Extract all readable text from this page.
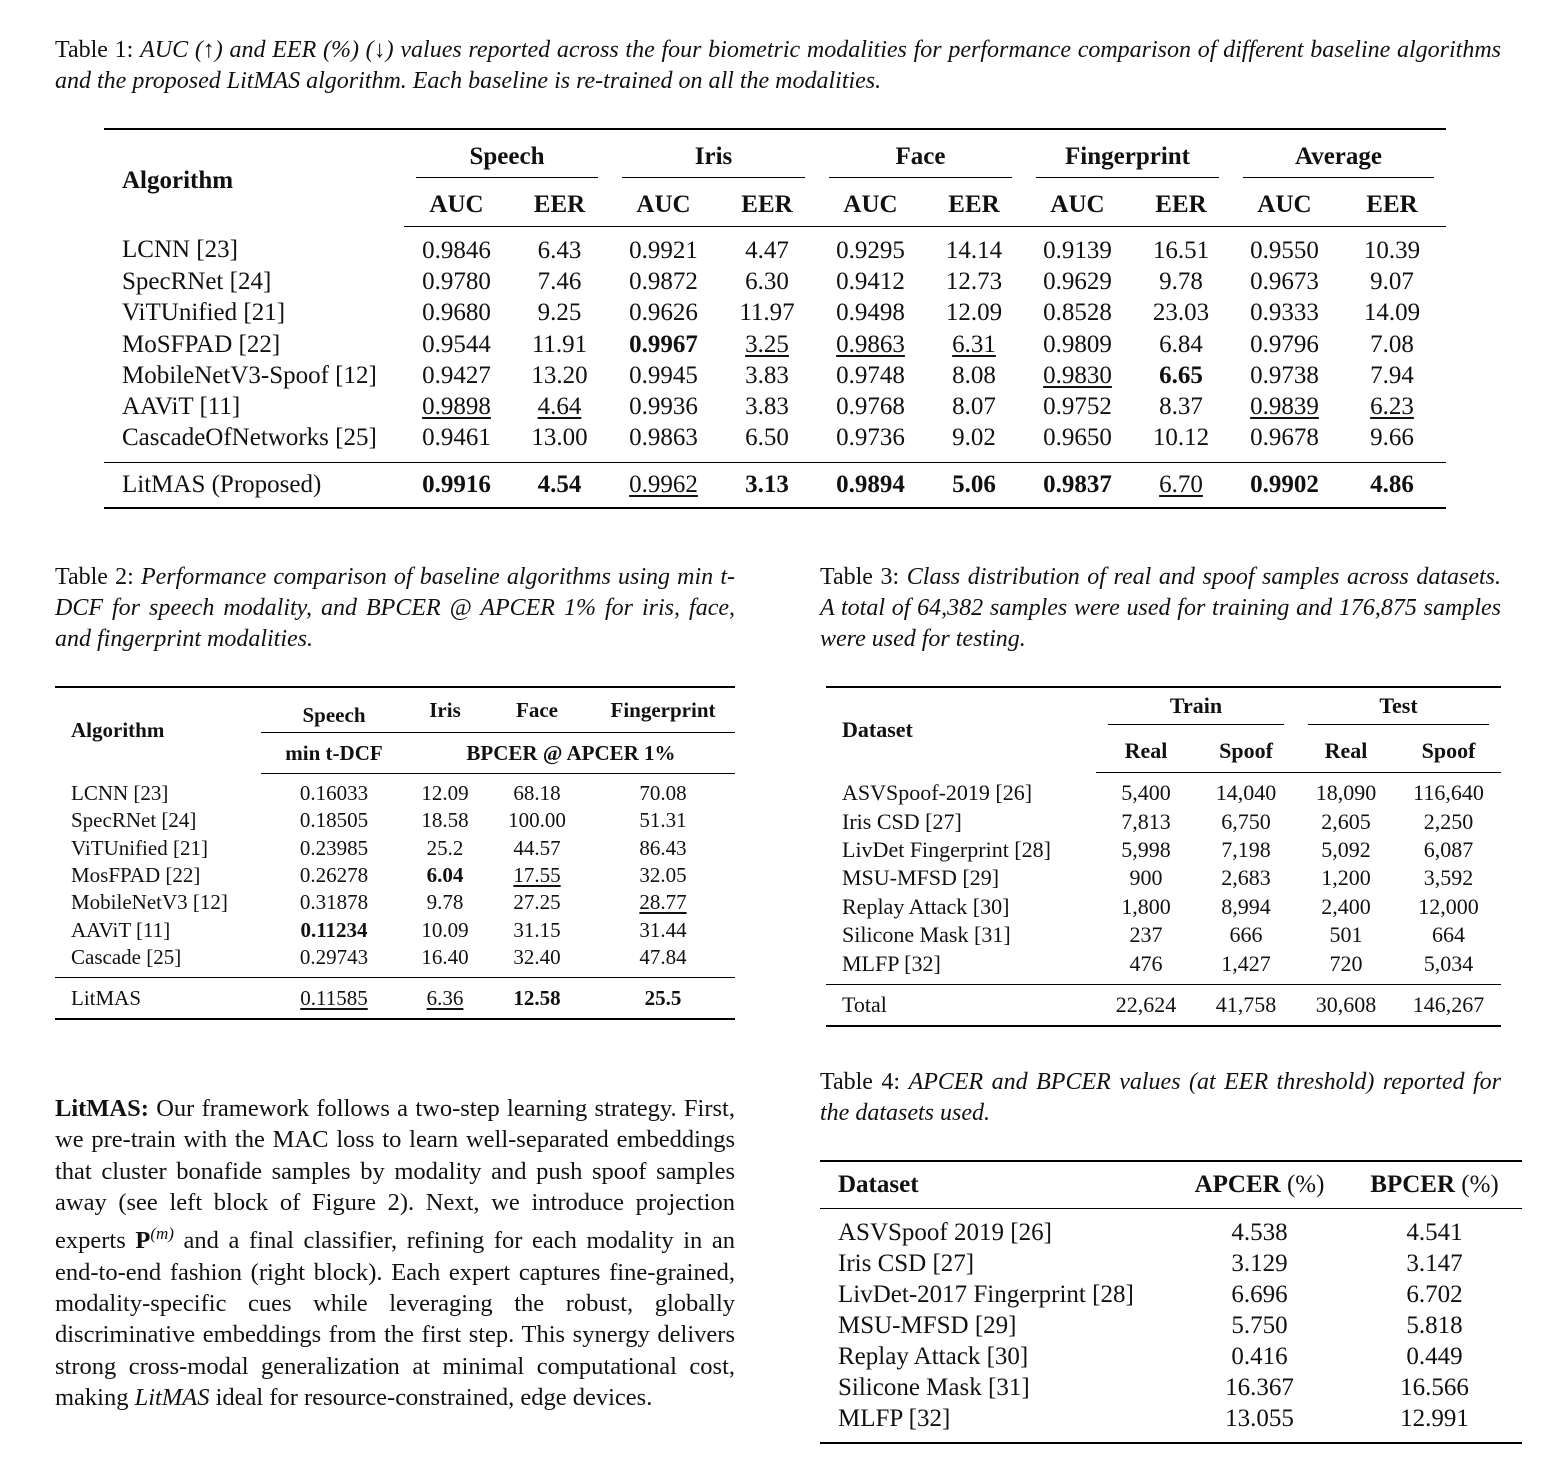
Table 1: AUC (↑) and EER (%) (↓) values reported across the four biometric modalities for performance comparison of different baseline algorithms and the proposed LitMAS algorithm. Each baseline is re-trained on all the modalities.
Algorithm	Speech		Iris		Face		Fingerprint		Average	

	AUC	EER	AUC	EER	AUC	EER	AUC	EER	AUC	EER
LCNN [23]	0.9846	6.43	0.9921	4.47	0.9295	14.14	0.9139	16.51	0.9550	10.39
SpecRNet [24]	0.9780	7.46	0.9872	6.30	0.9412	12.73	0.9629	9.78	0.9673	9.07
ViTUnified [21]	0.9680	9.25	0.9626	11.97	0.9498	12.09	0.8528	23.03	0.9333	14.09
MoSFPAD [22]	0.9544	11.91	0.9967	3.25	0.9863	6.31	0.9809	6.84	0.9796	7.08
MobileNetV3-Spoof [12]	0.9427	13.20	0.9945	3.83	0.9748	8.08	0.9830	6.65	0.9738	7.94
AAViT [11]	0.9898	4.64	0.9936	3.83	0.9768	8.07	0.9752	8.37	0.9839	6.23
CascadeOfNetworks [25]	0.9461	13.00	0.9863	6.50	0.9736	9.02	0.9650	10.12	0.9678	9.66
LitMAS (Proposed)	0.9916	4.54	0.9962	3.13	0.9894	5.06	0.9837	6.70	0.9902	4.86
Table 2: Performance comparison of baseline algorithms using min t-DCF for speech modality, and BPCER @ APCER 1% for iris, face, and fingerprint modalities.
Algorithm	Speech	Iris	Face	Fingerprint
	min t-DCF	BPCER @ APCER 1%		
LCNN [23]	0.16033	12.09	68.18	70.08
SpecRNet [24]	0.18505	18.58	100.00	51.31
ViTUnified [21]	0.23985	25.2	44.57	86.43
MosFPAD [22]	0.26278	6.04	17.55	32.05
MobileNetV3 [12]	0.31878	9.78	27.25	28.77
AAViT [11]	0.11234	10.09	31.15	31.44
Cascade [25]	0.29743	16.40	32.40	47.84
LitMAS	0.11585	6.36	12.58	25.5
Table 3: Class distribution of real and spoof samples across datasets. A total of 64,382 samples were used for training and 176,875 samples were used for testing.
Dataset	Train		Test	

	Real	Spoof	Real	Spoof
ASVSpoof-2019 [26]	5,400	14,040	18,090	116,640
Iris CSD [27]	7,813	6,750	2,605	2,250
LivDet Fingerprint [28]	5,998	7,198	5,092	6,087
MSU-MFSD [29]	900	2,683	1,200	3,592
Replay Attack [30]	1,800	8,994	2,400	12,000
Silicone Mask [31]	237	666	501	664
MLFP [32]	476	1,427	720	5,034
Total	22,624	41,758	30,608	146,267
Table 4: APCER and BPCER values (at EER threshold) reported for the datasets used.
Dataset	APCER (%)	BPCER (%)
ASVSpoof 2019 [26]	4.538	4.541
Iris CSD [27]	3.129	3.147
LivDet-2017 Fingerprint [28]	6.696	6.702
MSU-MFSD [29]	5.750	5.818
Replay Attack [30]	0.416	0.449
Silicone Mask [31]	16.367	16.566
MLFP [32]	13.055	12.991
LitMAS: Our framework follows a two-step learning strategy. First, we pre-train with the MAC loss to learn well-separated embeddings that cluster bonafide samples by modality and push spoof samples away (see left block of Figure 2). Next, we introduce projection experts $P^{(m)}$ and a final classifier, refining for each modality in an end-to-end fashion (right block). Each expert captures fine-grained, modality-specific cues while leveraging the robust, globally discriminative embeddings from the first step. This synergy delivers strong cross-modal generalization at minimal computational cost, making LitMAS ideal for resource-constrained, edge devices.
